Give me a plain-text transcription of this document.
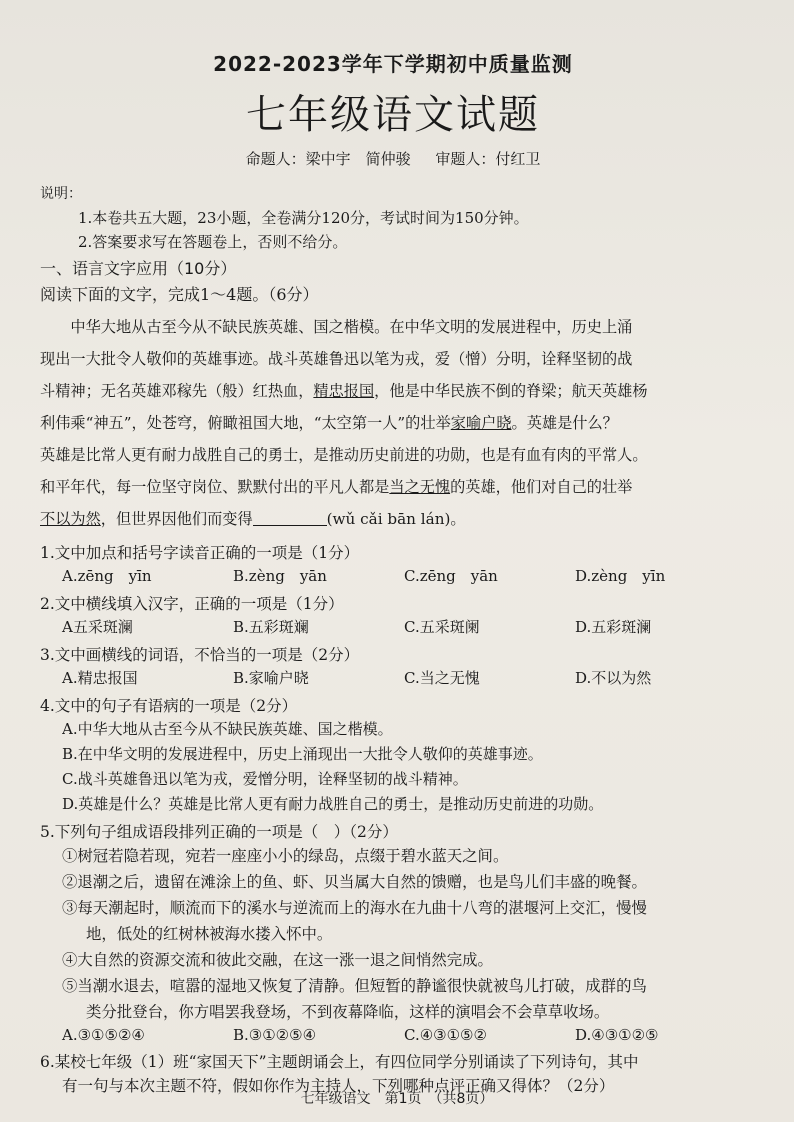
2022-2023学年下学期初中质量监测
七年级语文试题
命题人：梁中宇　简仲骏 审题人：付红卫
说明：
1.本卷共五大题，23小题，全卷满分120分，考试时间为150分钟。
2.答案要求写在答题卷上，否则不给分。
一、语言文字应用（10分）
阅读下面的文字，完成1～4题。（6分）

中华大地从古至今从不缺民族英雄、国之楷模。在中华文明的发展进程中，历史上涌

现出一大批令人敬仰的英雄事迹。战斗英雄鲁迅以笔为戎，爱（憎）分明，诠释坚韧的战

斗精神；无名英雄邓稼先（般）红热血，精忠报国，他是中华民族不倒的脊梁；航天英雄杨

利伟乘“神五”，处苍穹，俯瞰祖国大地，“太空第一人”的壮举家喻户晓。英雄是什么？

英雄是比常人更有耐力战胜自己的勇士，是推动历史前进的功勋，也是有血有肉的平常人。

和平年代，每一位坚守岗位、默默付出的平凡人都是当之无愧的英雄，他们对自己的壮举

不以为然，但世界因他们而变得	(wǔ cǎi bān lán)。

1.文中加点和括号字读音正确的一项是（1分）
A.zēng　yīn	B.zèng　yān	C.zēng　yān	D.zèng　yīn
2.文中横线填入汉字，正确的一项是（1分）
A五采斑澜	B.五彩斑斓	C.五采斑阑	D.五彩斑澜
3.文中画横线的词语，不恰当的一项是（2分）
A.精忠报国	B.家喻户晓	C.当之无愧	D.不以为然
4.文中的句子有语病的一项是（2分）
A.中华大地从古至今从不缺民族英雄、国之楷模。
B.在中华文明的发展进程中，历史上涌现出一大批令人敬仰的英雄事迹。
C.战斗英雄鲁迅以笔为戎，爱憎分明，诠释坚韧的战斗精神。
D.英雄是什么？英雄是比常人更有耐力战胜自己的勇士，是推动历史前进的功勋。
5.下列句子组成语段排列正确的一项是（　）（2分）
①树冠若隐若现，宛若一座座小小的绿岛，点缀于碧水蓝天之间。
②退潮之后，遗留在滩涂上的鱼、虾、贝当属大自然的馈赠，也是鸟儿们丰盛的晚餐。
③每天潮起时，顺流而下的溪水与逆流而上的海水在九曲十八弯的湛堰河上交汇，慢慢
地，低处的红树林被海水搂入怀中。
④大自然的资源交流和彼此交融，在这一涨一退之间悄然完成。
⑤当潮水退去，喧嚣的湿地又恢复了清静。但短暂的静谧很快就被鸟儿打破，成群的鸟
类分批登台，你方唱罢我登场，不到夜幕降临，这样的演唱会不会草草收场。
A.③①⑤②④	B.③①②⑤④	C.④③①⑤②	D.④③①②⑤
6.某校七年级（1）班“家国天下”主题朗诵会上，有四位同学分别诵读了下列诗句，其中
有一句与本次主题不符，假如你作为主持人，下列哪种点评正确又得体？（2分）
七年级语文　第1页　（共8页）
